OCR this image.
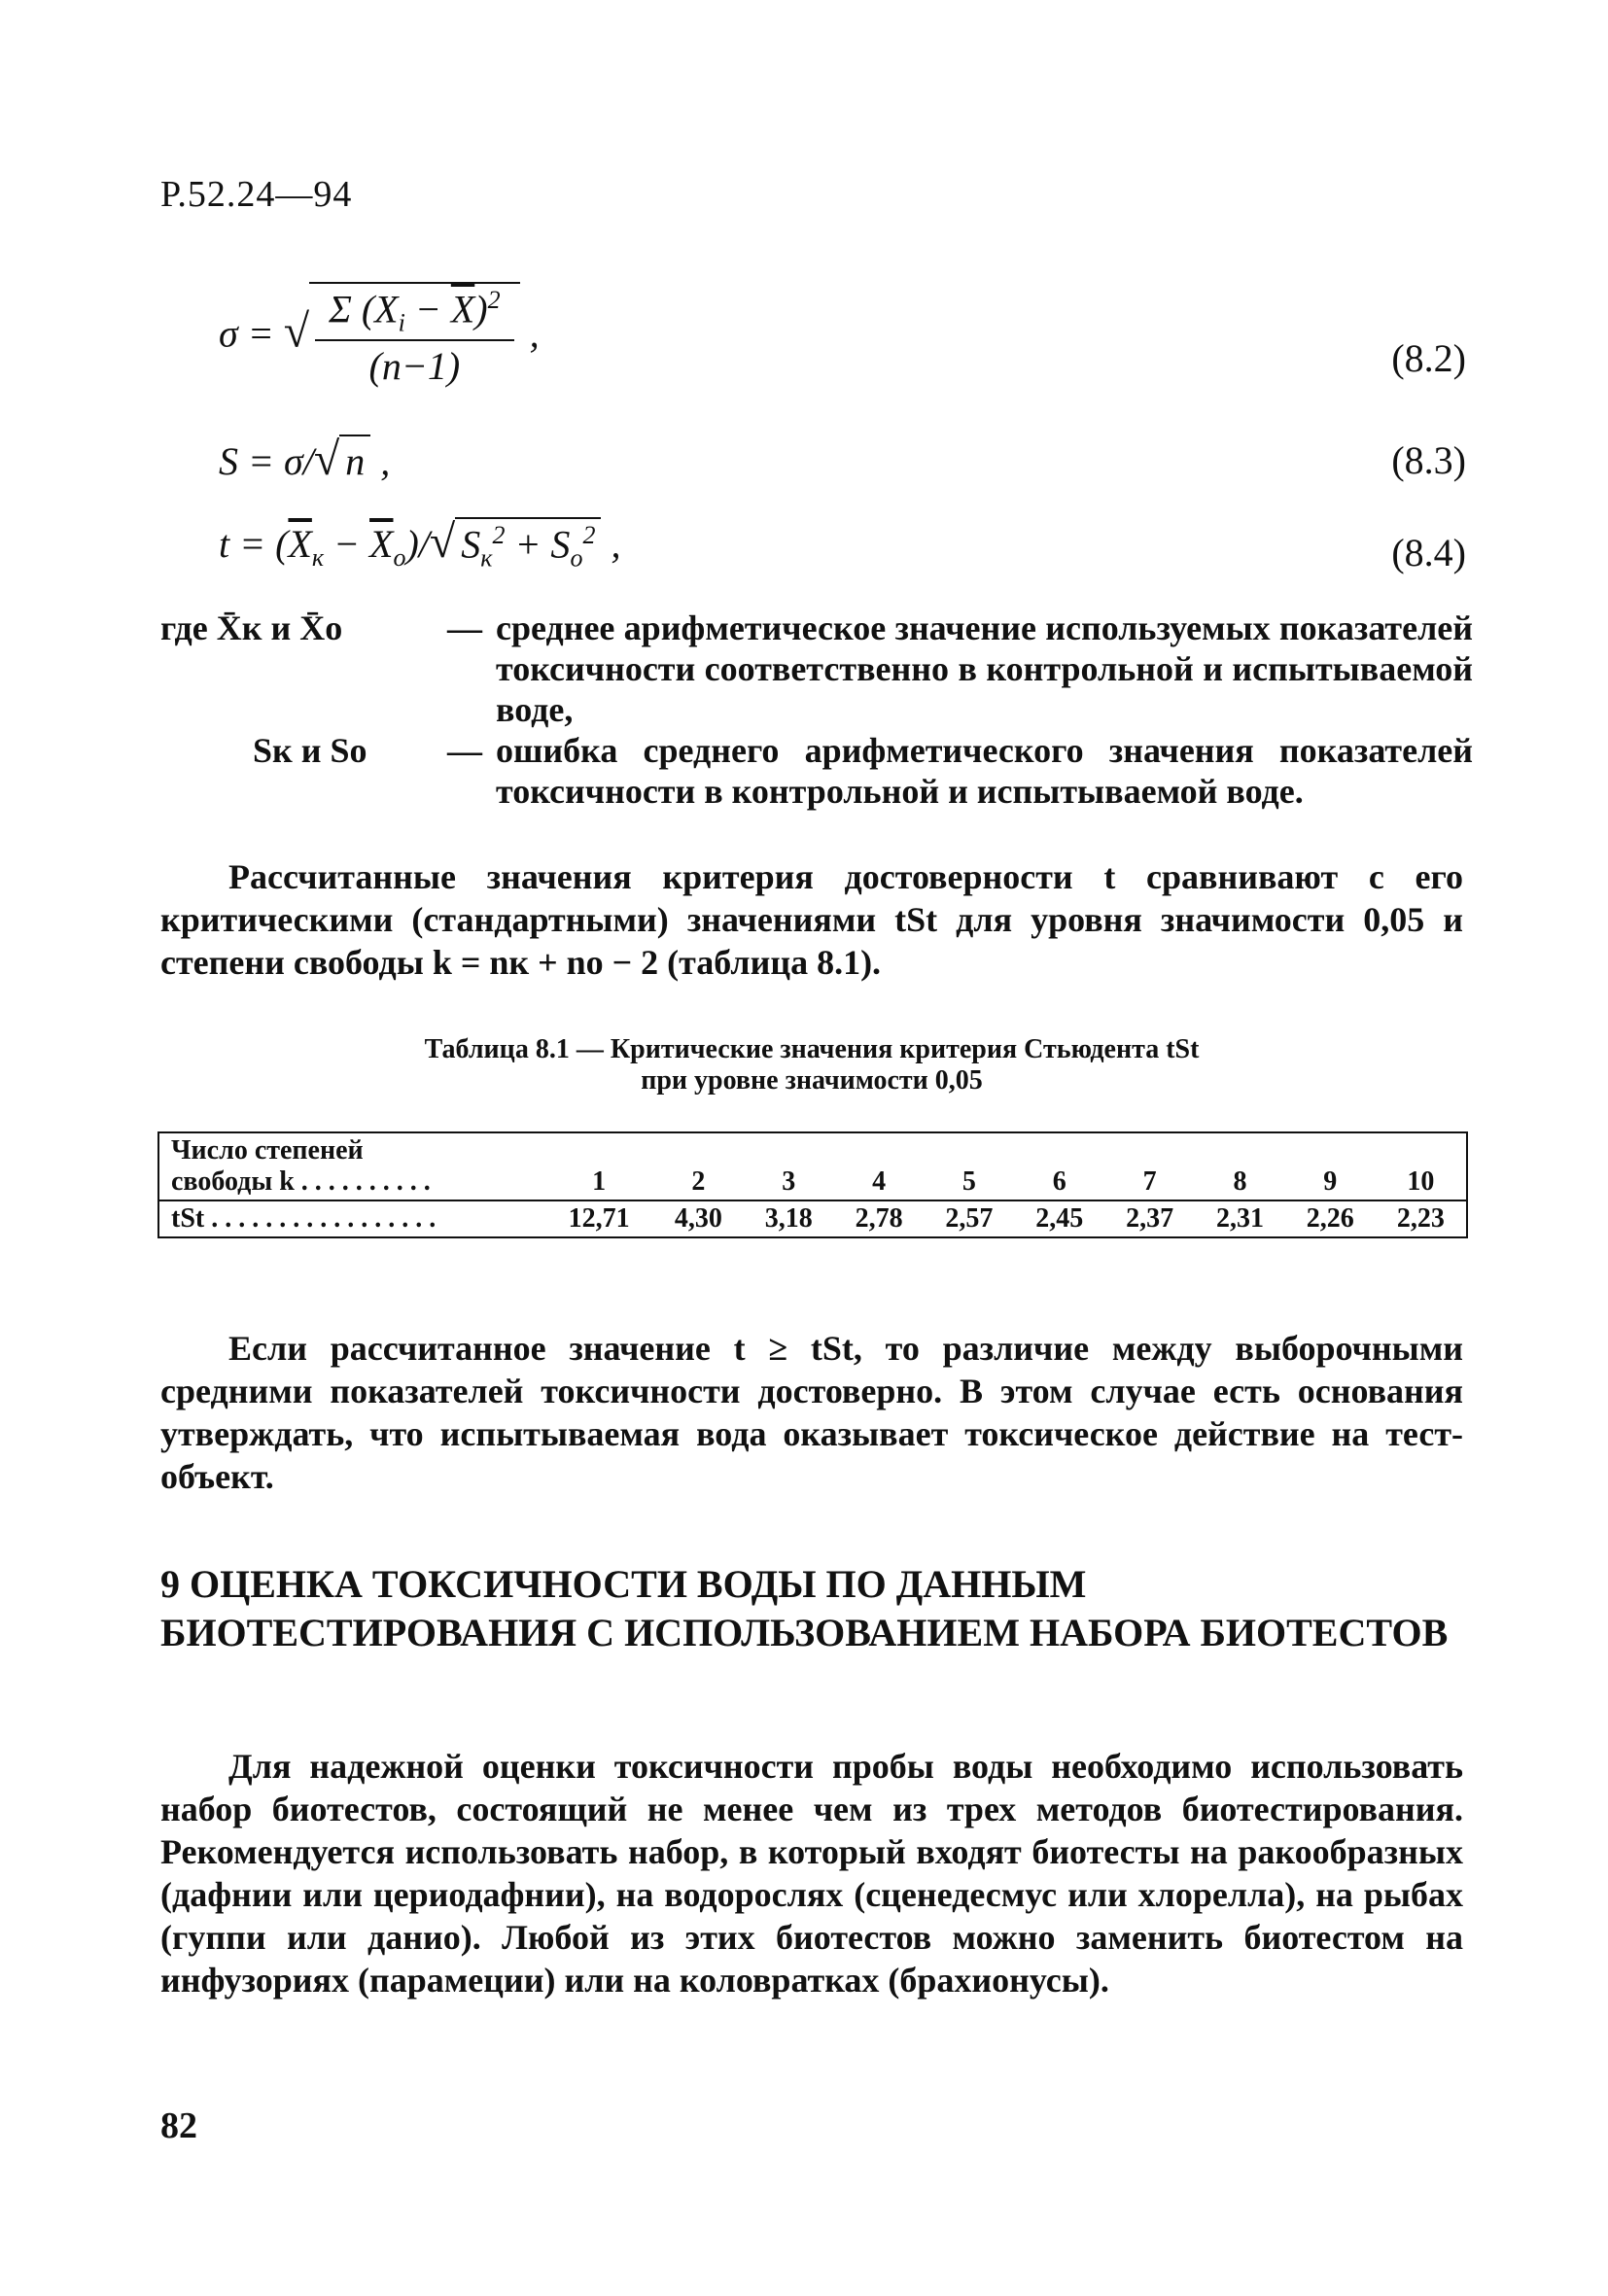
Р.52.24—94
σ = √ $\frac{\Sigma (X_i - \overline{X})^2}{(n-1)}$ ,
(8.2)
S = σ/√ n ,	(8.3)
$t = (\overline{X}_к - \overline{X}_о)/√$ $S_к^2 + S_о^2$ ,	(8.4)
где X̄к и X̄о	— среднее арифметическое значение используемых показателей токсичности соответственно в контрольной и испытываемой воде,
Sк и Sо	— ошибка среднего арифметического значения показателей токсичности в контрольной и испытываемой воде.
Рассчитанные значения критерия достоверности t сравнивают с его критическими (стандартными) значениями tSt для уровня значимости 0,05 и степени свободы k = nк + nо − 2 (таблица 8.1).
Таблица 8.1 — Критические значения критерия Стьюдента tSt
при уровне значимости 0,05
Число степеней
свободы k . . . . . . . . . .	1	2	3	4	5	6	7	8	9	10
tSt . . . . . . . . . . . . . . . . .	12,71	4,30	3,18	2,78	2,57	2,45	2,37	2,31	2,26	2,23
Если рассчитанное значение t ≥ tSt, то различие между выборочными средними показателей токсичности достоверно. В этом случае есть основания утверждать, что испытываемая вода оказывает токсическое действие на тест-объект.
9 ОЦЕНКА ТОКСИЧНОСТИ ВОДЫ ПО ДАННЫМ БИОТЕСТИРОВАНИЯ С ИСПОЛЬЗОВАНИЕМ НАБОРА БИОТЕСТОВ
Для надежной оценки токсичности пробы воды необходимо использовать набор биотестов, состоящий не менее чем из трех методов биотестирования. Рекомендуется использовать набор, в который входят биотесты на ракообразных (дафнии или цериодафнии), на водорослях (сценедесмус или хлорелла), на рыбах (гуппи или данио). Любой из этих биотестов можно заменить биотестом на инфузориях (парамеции) или на коловратках (брахионусы).
82
